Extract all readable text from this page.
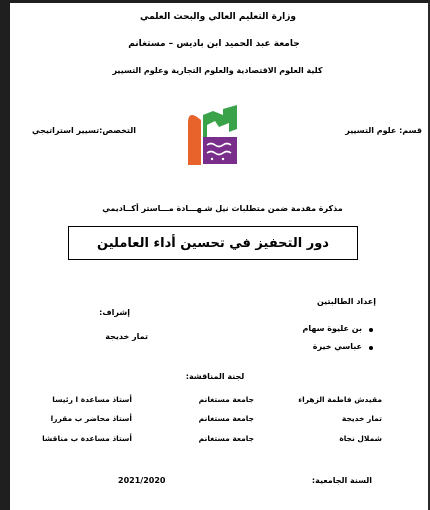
وزارة التعليم العالي والبحث العلمي
جامعة عبد الحميد ابن باديس – مستغانم
كلية العلوم الاقتصادية والعلوم التجارية وعلوم التسيير
قسم: علوم التسيير
التخصص:تسيير استراتيجي
مذكرة مقدمة ضمن متطلبات نيل شـهـــادة مـــاستر أكــاديمي
دور التحفيز في تحسين أداء العاملين
إعداد الطالبتين
بن عليوة سهام
عباسي خيرة
إشراف:
تمار خديجة
لجنة المناقشة:
مقيدش فاطمة الزهراء
جامعة مستغانم
أستاذ مساعدة ا رئيسا
تمار خديجة
جامعة مستغانم
أستاذ محاضر ب مقررا
شملال نجاة
جامعة مستغانم
أستاذ مساعدة ب مناقشا
السنة الجامعية:
2021/2020
